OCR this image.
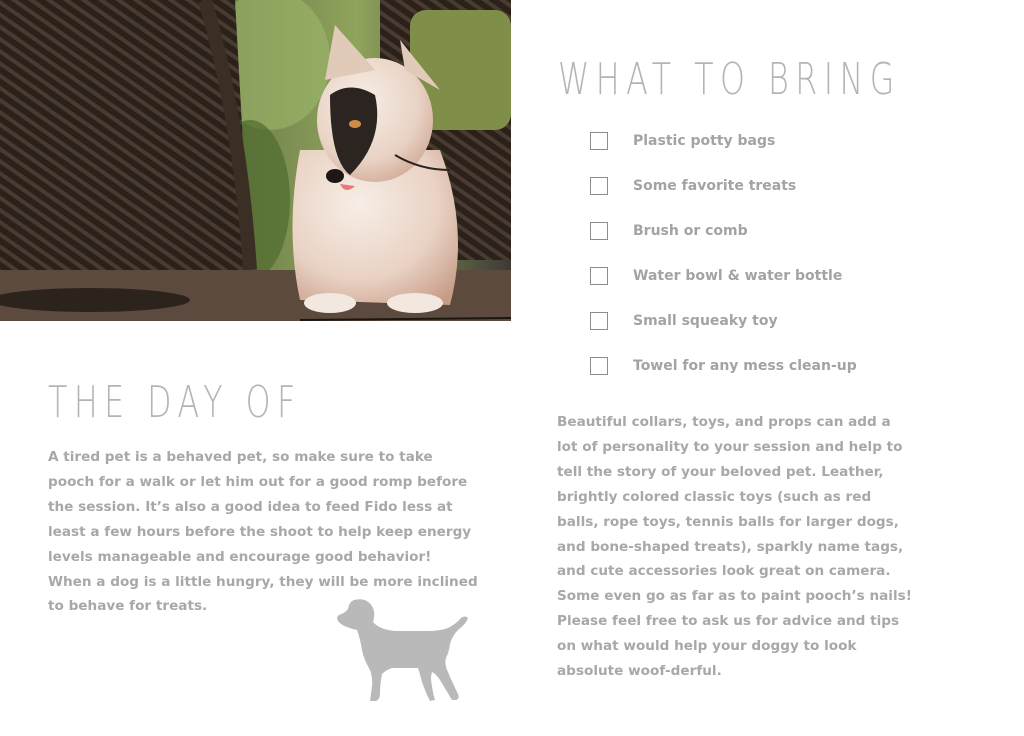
WHAT TO BRING
Plastic potty bags
Some favorite treats
Brush or comb
Water bowl & water bottle
Small squeaky toy
Towel for any mess clean-up

Beautiful collars, toys, and props can add a lot of personality to your session and help to tell the story of your beloved pet. Leather, brightly colored classic toys (such as red balls, rope toys, tennis balls for larger dogs, and bone-shaped treats), sparkly name tags, and cute accessories look great on camera. Some even go as far as to paint pooch’s nails! Please feel free to ask us for advice and tips on what would help your doggy to look absolute woof-derful.

THE DAY OF

A tired pet is a behaved pet, so make sure to take pooch for a walk or let him out for a good romp before the session. It’s also a good idea to feed Fido less at least a few hours before the shoot to help keep energy levels manageable and encourage good behavior! When a dog is a little hungry, they will be more inclined to behave for treats.
